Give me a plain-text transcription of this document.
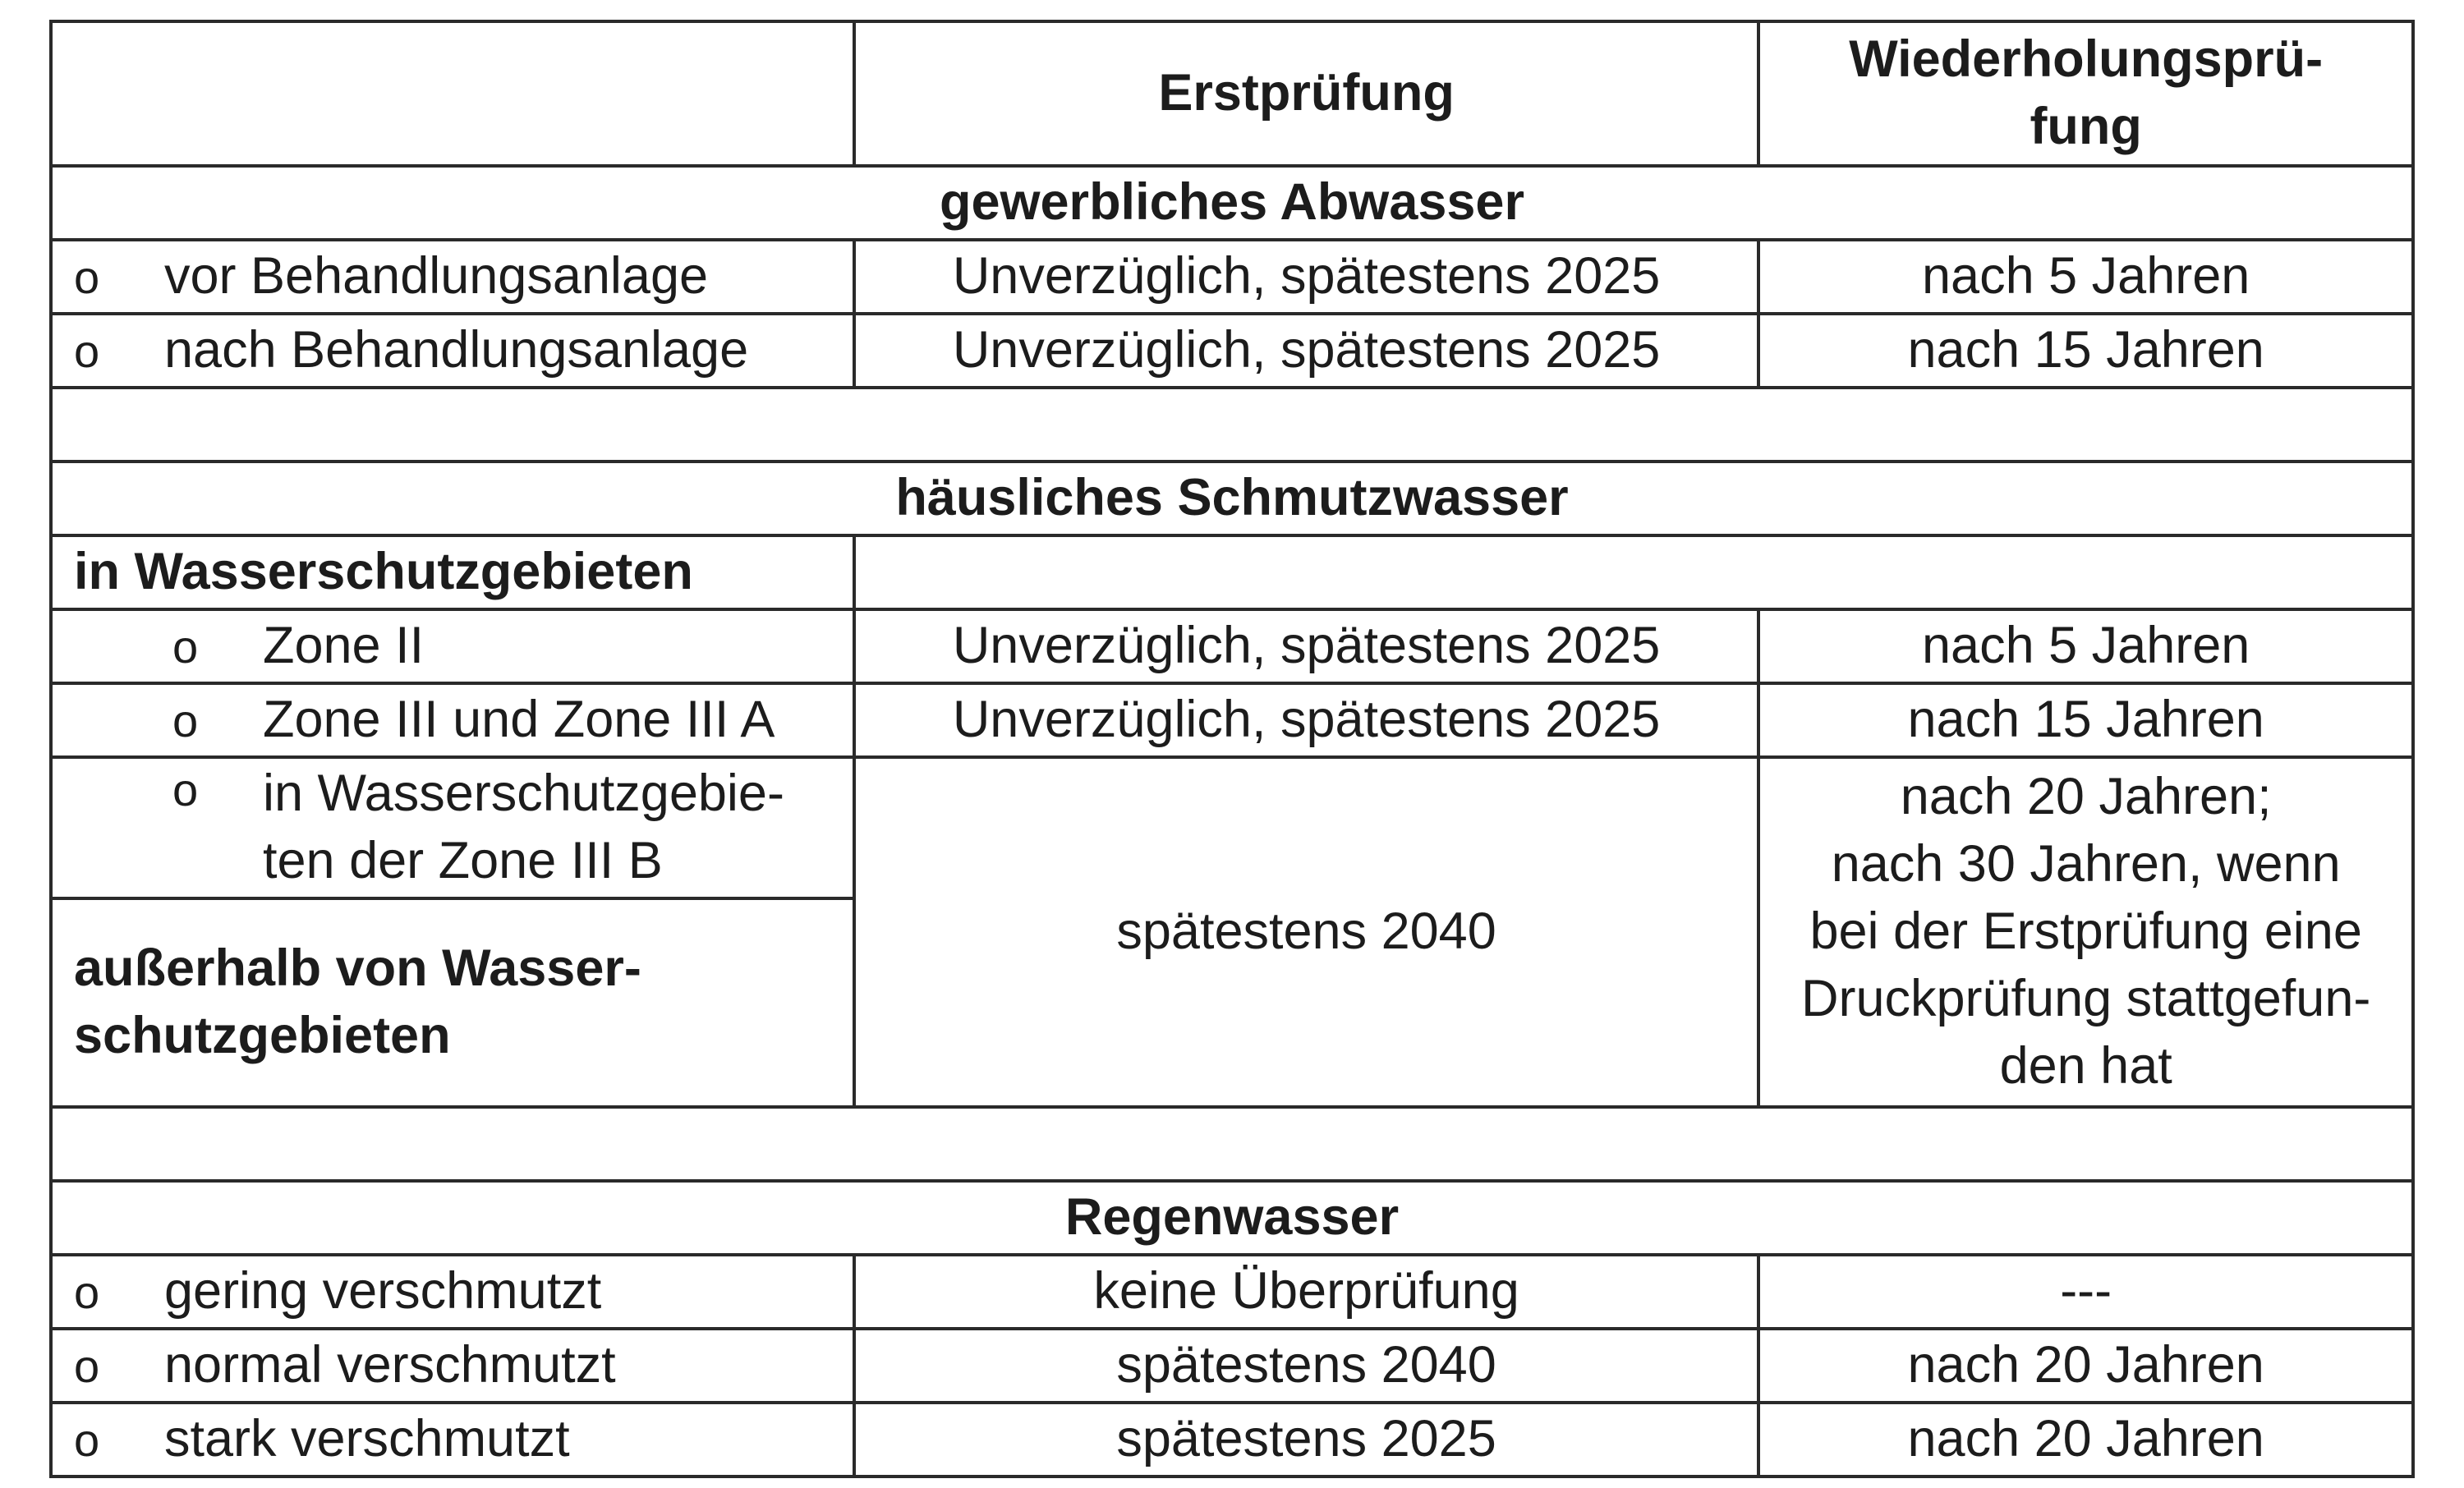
	Erstprüfung	Wiederholungsprü-
fung
gewerbliches Abwasser		
o vor Behandlungsanlage	Unverzüglich, spätestens 2025	nach 5 Jahren
o nach Behandlungsanlage	Unverzüglich, spätestens 2025	nach 15 Jahren

häusliches Schmutzwasser		
in Wasserschutzgebieten		
o Zone II	Unverzüglich, spätestens 2025	nach 5 Jahren
o Zone III und Zone III A	Unverzüglich, spätestens 2025	nach 15 Jahren

o in Wasserschutzgebie-
ten der Zone III B	spätestens 2040	nach 20 Jahren;
nach 30 Jahren, wenn
bei der Erstprüfung eine
Druckprüfung stattgefun-
den hat
außerhalb von Wasser-
schutzgebieten		

Regenwasser		
o gering verschmutzt	keine Überprüfung	---
o normal verschmutzt	spätestens 2040	nach 20 Jahren
o stark verschmutzt	spätestens 2025	nach 20 Jahren
